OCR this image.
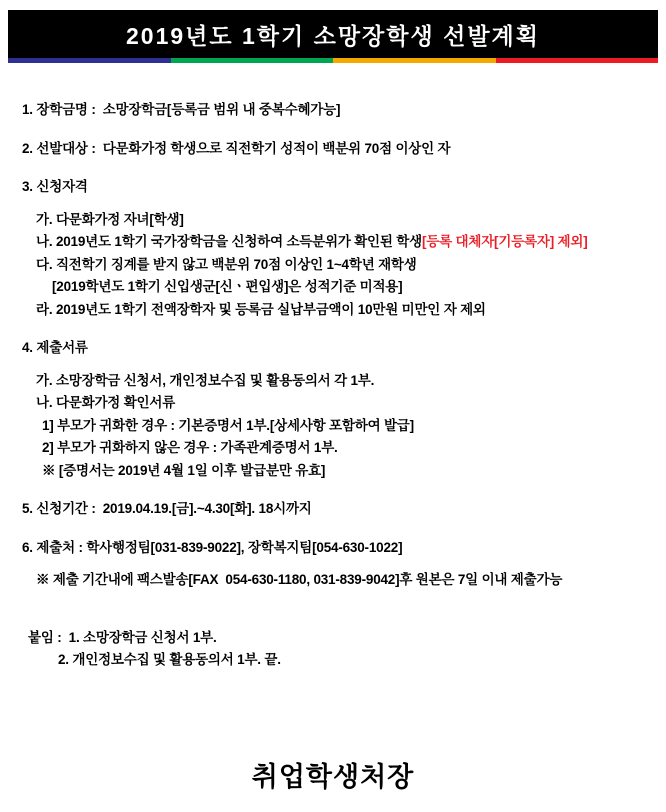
2019년도 1학기 소망장학생 선발계획
1. 장학금명 :  소망장학금[등록금 범위 내 중복수혜가능]
2. 선발대상 :  다문화가정 학생으로 직전학기 성적이 백분위 70점 이상인 자
3. 신청자격
가. 다문화가정 자녀[학생]
나. 2019년도 1학기 국가장학금을 신청하여 소득분위가 확인된 학생[등록 대체자[기등록자] 제외]
다. 직전학기 징계를 받지 않고 백분위 70점 이상인 1~4학년 재학생
[2019학년도 1학기 신입생군[신ㆍ편입생]은 성적기준 미적용]
라. 2019년도 1학기 전액장학자 및 등록금 실납부금액이 10만원 미만인 자 제외
4. 제출서류
가. 소망장학금 신청서, 개인정보수집 및 활용동의서 각 1부.
나. 다문화가정 확인서류
1] 부모가 귀화한 경우 : 기본증명서 1부.[상세사항 포함하여 발급]
2] 부모가 귀화하지 않은 경우 : 가족관계증명서 1부.
※ [증명서는 2019년 4월 1일 이후 발급분만 유효]
5. 신청기간 :  2019.04.19.[금].~4.30[화]. 18시까지
6. 제출처 : 학사행정팀[031-839-9022], 장학복지팀[054-630-1022]
※ 제출 기간내에 팩스발송[FAX  054-630-1180, 031-839-9042]후 원본은 7일 이내 제출가능
붙임 :  1. 소망장학금 신청서 1부.
2. 개인정보수집 및 활용동의서 1부. 끝.
취업학생처장
